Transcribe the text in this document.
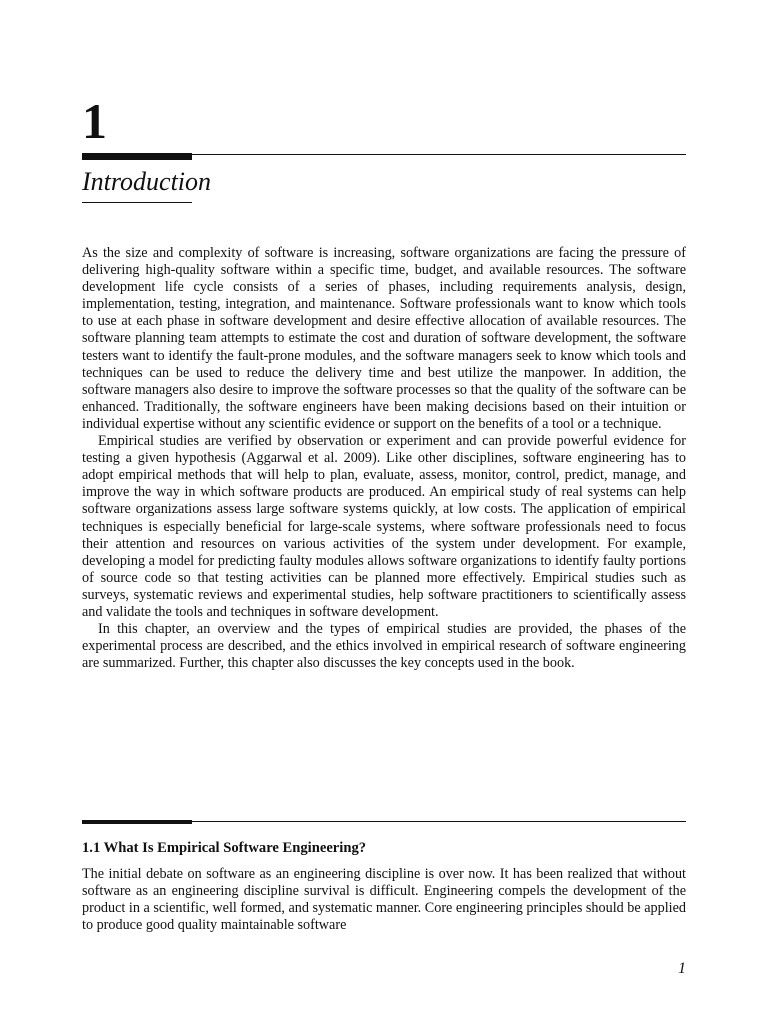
1
Introduction

As the size and complexity of software is increasing, software organizations are facing the pressure of delivering high-quality software within a specific time, budget, and available resources. The software development life cycle consists of a series of phases, including requirements analysis, design, implementation, testing, integration, and maintenance. Software professionals want to know which tools to use at each phase in software development and desire effective allocation of available resources. The software planning team attempts to estimate the cost and duration of software development, the software testers want to identify the fault-prone modules, and the software managers seek to know which tools and techniques can be used to reduce the delivery time and best utilize the manpower. In addition, the software managers also desire to improve the software processes so that the quality of the software can be enhanced. Traditionally, the software engineers have been making decisions based on their intuition or individual expertise without any scientific evidence or support on the benefits of a tool or a technique.

Empirical studies are verified by observation or experiment and can provide powerful evidence for testing a given hypothesis (Aggarwal et al. 2009). Like other disciplines, software engineering has to adopt empirical methods that will help to plan, evaluate, assess, monitor, control, predict, manage, and improve the way in which software products are produced. An empirical study of real systems can help software organizations assess large software systems quickly, at low costs. The application of empirical techniques is especially beneficial for large-scale systems, where software professionals need to focus their attention and resources on various activities of the system under development. For example, developing a model for predicting faulty modules allows software organizations to identify faulty portions of source code so that testing activities can be planned more effectively. Empirical studies such as surveys, systematic reviews and experimental studies, help software practitioners to scientifically assess and validate the tools and techniques in software development.

In this chapter, an overview and the types of empirical studies are provided, the phases of the experimental process are described, and the ethics involved in empirical research of software engineering are summarized. Further, this chapter also discusses the key concepts used in the book.

1.1 What Is Empirical Software Engineering?

The initial debate on software as an engineering discipline is over now. It has been realized that without software as an engineering discipline survival is difficult. Engineering compels the development of the product in a scientific, well formed, and systematic manner. Core engineering principles should be applied to produce good quality maintainable software

1
